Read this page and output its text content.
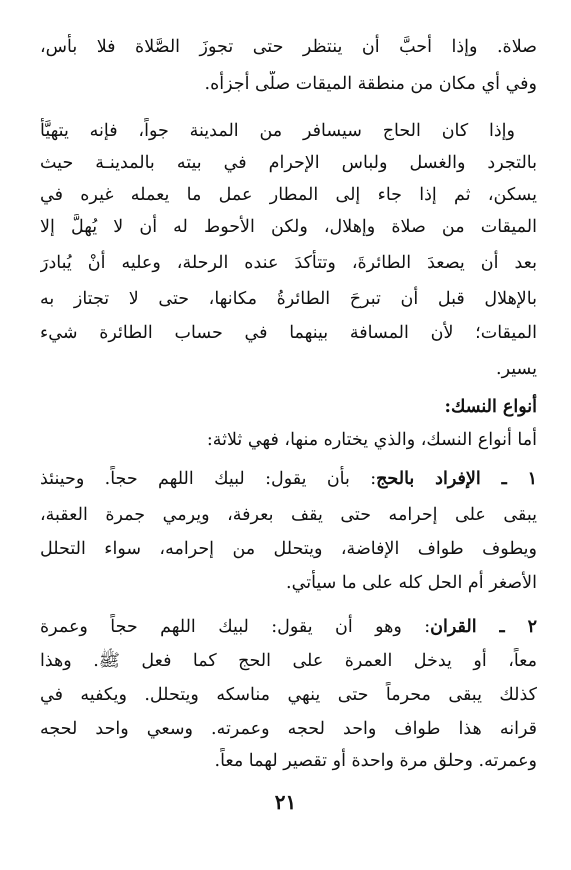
صلاة. وإذا أحبَّ أن ينتظر حتى تجوزَ الصَّلاة فلا بأس،
وفي أي مكان من منطقة الميقات صلَّى أجزأه.
وإذا كان الحاج سيسافر من المدينة جواً، فإنه يتهيَّأ
بالتجرد والغسل ولباس الإحرام في بيته بالمدينـة حيث
يسكن، ثم إذا جاء إلى المطار عمل ما يعمله غيره في
الميقات من صلاة وإهلال، ولكن الأحوط له أن لا يُهلَّ إلا
بعد أن يصعدَ الطائرةَ، وتتأكدَ عنده الرحلة، وعليه أنْ يُبادرَ
بالإهلال قبل أن تبرحَ الطائرةُ مكانها، حتى لا تجتاز به
الميقات؛ لأن المسافة بينهما في حساب الطائرة شيء
يسير.
أنواع النسك:
أما أنواع النسك، والذي يختاره منها، فهي ثلاثة:
١ ـ الإفراد بالحج: بأن يقول: لبيك اللهم حجاً. وحينئذ
يبقى على إحرامه حتى يقف بعرفة، ويرمي جمرة العقبة،
ويطوف طواف الإفاضة، ويتحلل من إحرامه، سواء التحلل
الأصغر أم الحل كله على ما سيأتي.
٢ ـ القران: وهو أن يقول: لبيك اللهم حجاً وعمرة
معاً، أو يدخل العمرة على الحج كما فعل ﷺ. وهذا
كذلك يبقى محرماً حتى ينهي مناسكه ويتحلل. ويكفيه في
قرانه هذا طواف واحد لحجه وعمرته. وسعي واحد لحجه
وعمرته. وحلق مرة واحدة أو تقصير لهما معاً.
٢١
